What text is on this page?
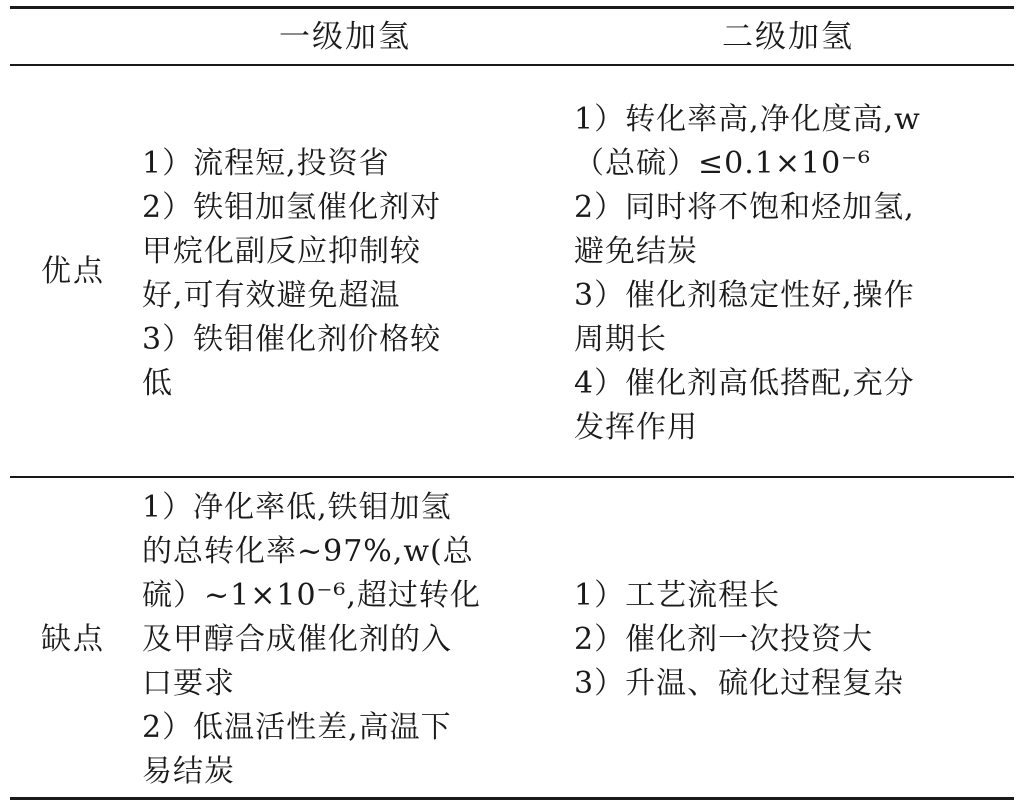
一级加氢	二级加氢
优点
1）流程短,投资省
2）铁钼加氢催化剂对
甲烷化副反应抑制较
好,可有效避免超温
3）铁钼催化剂价格较
低
1）转化率高,净化度高,w
（总硫）≤0.1×10⁻⁶
2）同时将不饱和烃加氢,
避免结炭
3）催化剂稳定性好,操作
周期长
4）催化剂高低搭配,充分
发挥作用
缺点
1）净化率低,铁钼加氢
的总转化率~97%,w(总
硫）~1×10⁻⁶,超过转化
及甲醇合成催化剂的入
口要求
2）低温活性差,高温下
易结炭
1）工艺流程长
2）催化剂一次投资大
3）升温、硫化过程复杂
